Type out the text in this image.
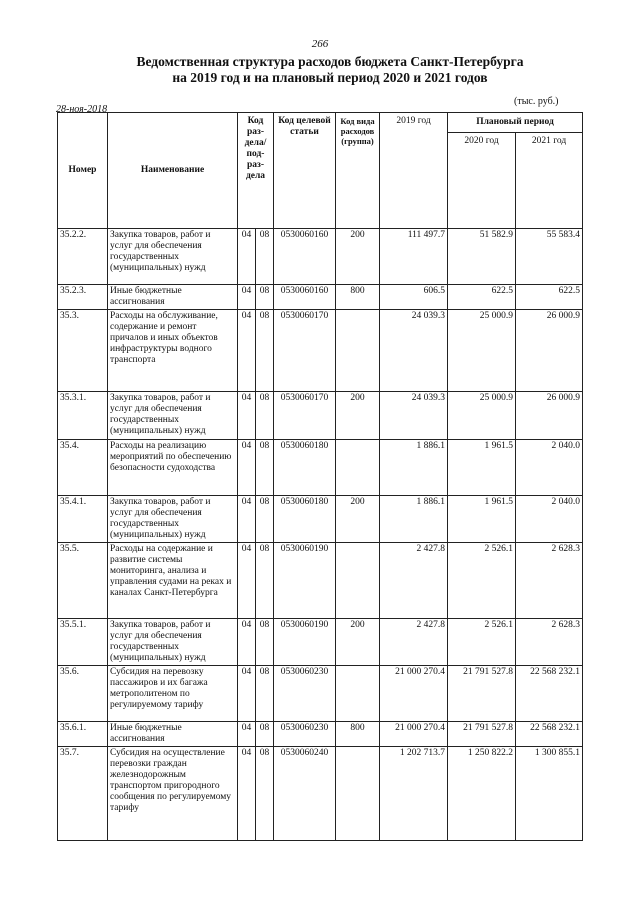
266
Ведомственная структура расходов бюджета Санкт-Петербурга
на 2019 год и на плановый период 2020 и 2021 годов
28-ноя-2018
(тыс. руб.)
Номер	Наименование	Код раз-дела/ под-раз-дела		Код целевой статьи	Код вида расходов (группа)	2019 год	Плановый период	
							2020 год	2021 год
35.2.2.	Закупка товаров, работ и услуг для обеспечения государственных (муниципальных) нужд	04	08	0530060160	200	111 497.7	51 582.9	55 583.4
35.2.3.	Иные бюджетные ассигнования	04	08	0530060160	800	606.5	622.5	622.5
35.3.	Расходы на обслуживание, содержание и ремонт причалов и иных объектов инфраструктуры водного транспорта	04	08	0530060170		24 039.3	25 000.9	26 000.9
35.3.1.	Закупка товаров, работ и услуг для обеспечения государственных (муниципальных) нужд	04	08	0530060170	200	24 039.3	25 000.9	26 000.9
35.4.	Расходы на реализацию мероприятий по обеспечению безопасности судоходства	04	08	0530060180		1 886.1	1 961.5	2 040.0
35.4.1.	Закупка товаров, работ и услуг для обеспечения государственных (муниципальных) нужд	04	08	0530060180	200	1 886.1	1 961.5	2 040.0
35.5.	Расходы на содержание и развитие системы мониторинга, анализа и управления судами на реках и каналах Санкт-Петербурга	04	08	0530060190		2 427.8	2 526.1	2 628.3
35.5.1.	Закупка товаров, работ и услуг для обеспечения государственных (муниципальных) нужд	04	08	0530060190	200	2 427.8	2 526.1	2 628.3
35.6.	Субсидия на перевозку пассажиров и их багажа метрополитеном по регулируемому тарифу	04	08	0530060230		21 000 270.4	21 791 527.8	22 568 232.1
35.6.1.	Иные бюджетные ассигнования	04	08	0530060230	800	21 000 270.4	21 791 527.8	22 568 232.1
35.7.	Субсидия на осуществление перевозки граждан железнодорожным транспортом пригородного сообщения по регулируемому тарифу	04	08	0530060240		1 202 713.7	1 250 822.2	1 300 855.1
